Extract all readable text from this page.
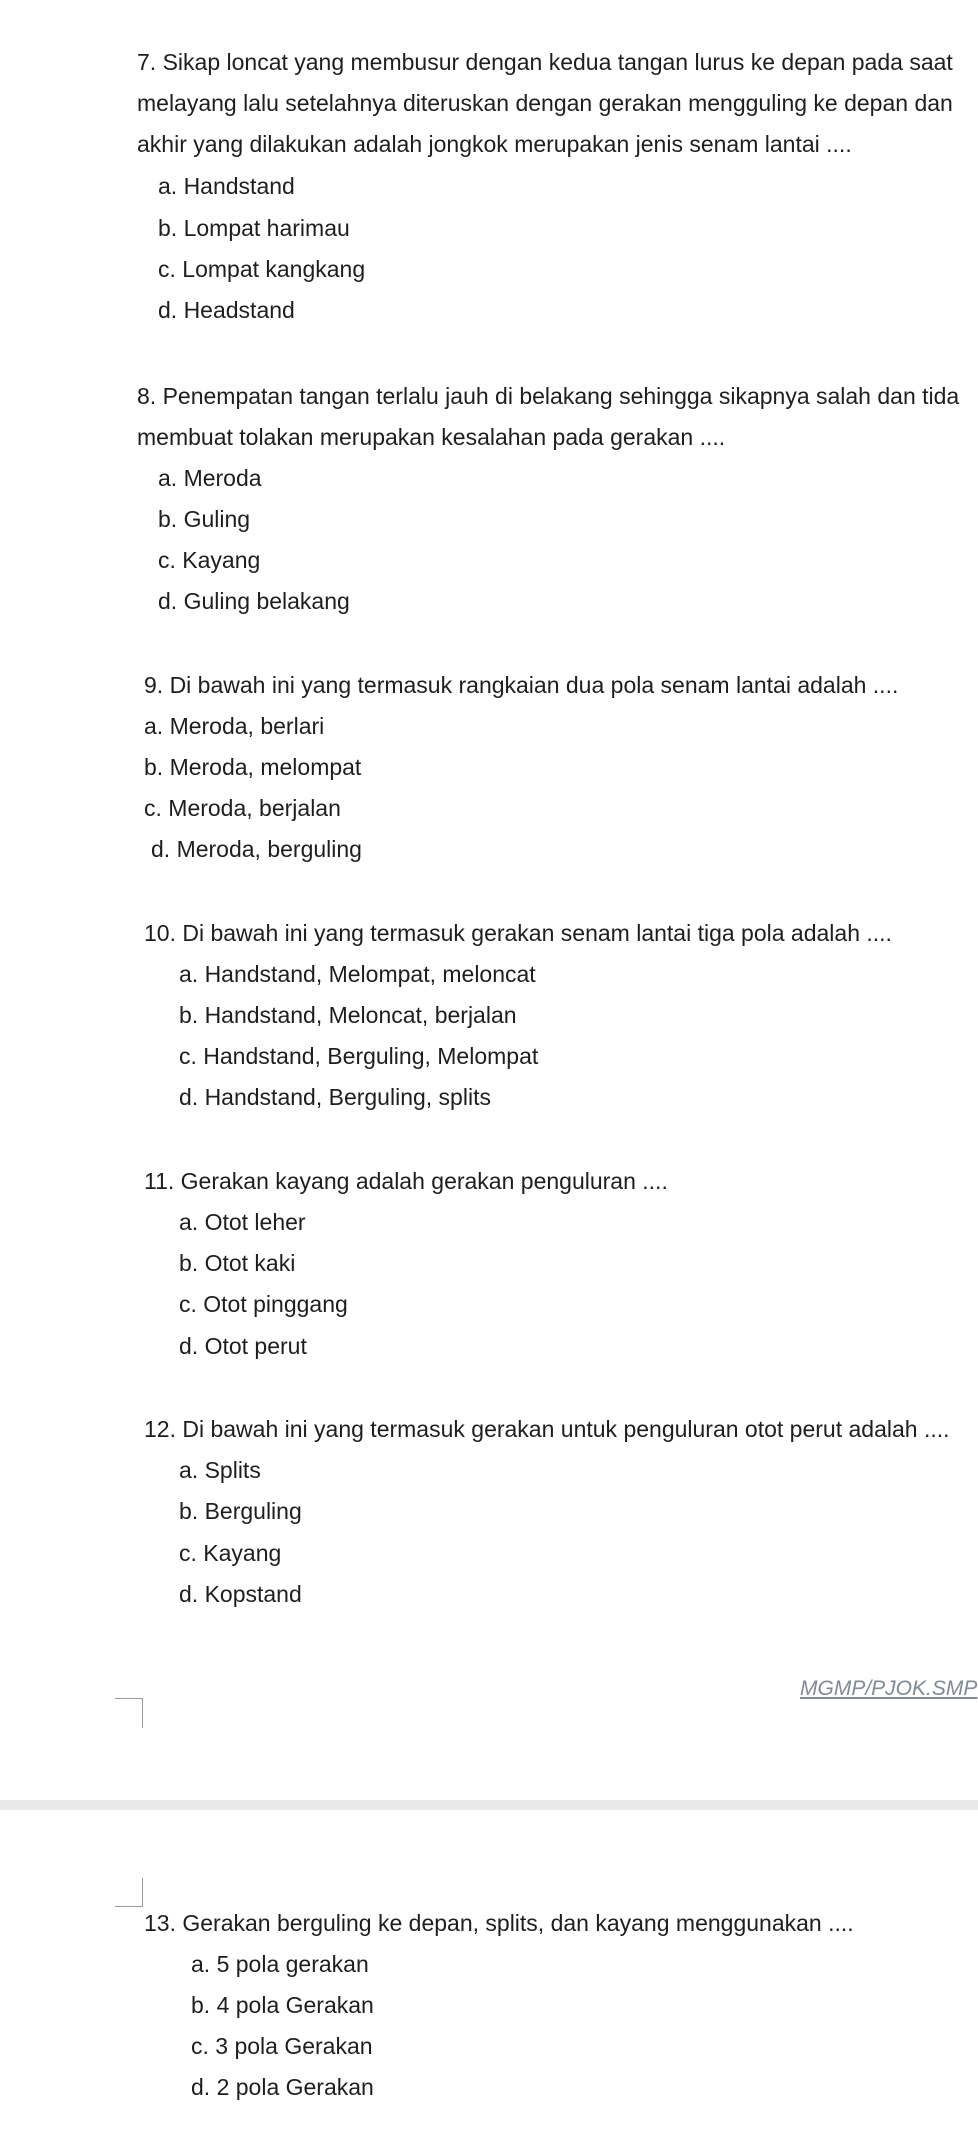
7. Sikap loncat yang membusur dengan kedua tangan lurus ke depan pada saat
melayang lalu setelahnya diteruskan dengan gerakan mengguling ke depan dan
akhir yang dilakukan adalah jongkok merupakan jenis senam lantai ....
a. Handstand
b. Lompat harimau
c. Lompat kangkang
d. Headstand
8. Penempatan tangan terlalu jauh di belakang sehingga sikapnya salah dan tida
membuat tolakan merupakan kesalahan pada gerakan ....
a. Meroda
b. Guling
c. Kayang
d. Guling belakang
9. Di bawah ini yang termasuk rangkaian dua pola senam lantai adalah ....
a. Meroda, berlari
b. Meroda, melompat
c. Meroda, berjalan
d. Meroda, berguling
10. Di bawah ini yang termasuk gerakan senam lantai tiga pola adalah ....
a. Handstand, Melompat, meloncat
b. Handstand, Meloncat, berjalan
c. Handstand, Berguling, Melompat
d. Handstand, Berguling, splits
11. Gerakan kayang adalah gerakan penguluran ....
a. Otot leher
b. Otot kaki
c. Otot pinggang
d. Otot perut
12. Di bawah ini yang termasuk gerakan untuk penguluran otot perut adalah ....
a. Splits
b. Berguling
c. Kayang
d. Kopstand
MGMP/PJOK.SMP
13. Gerakan berguling ke depan, splits, dan kayang menggunakan ....
a. 5 pola gerakan
b. 4 pola Gerakan
c. 3 pola Gerakan
d. 2 pola Gerakan
